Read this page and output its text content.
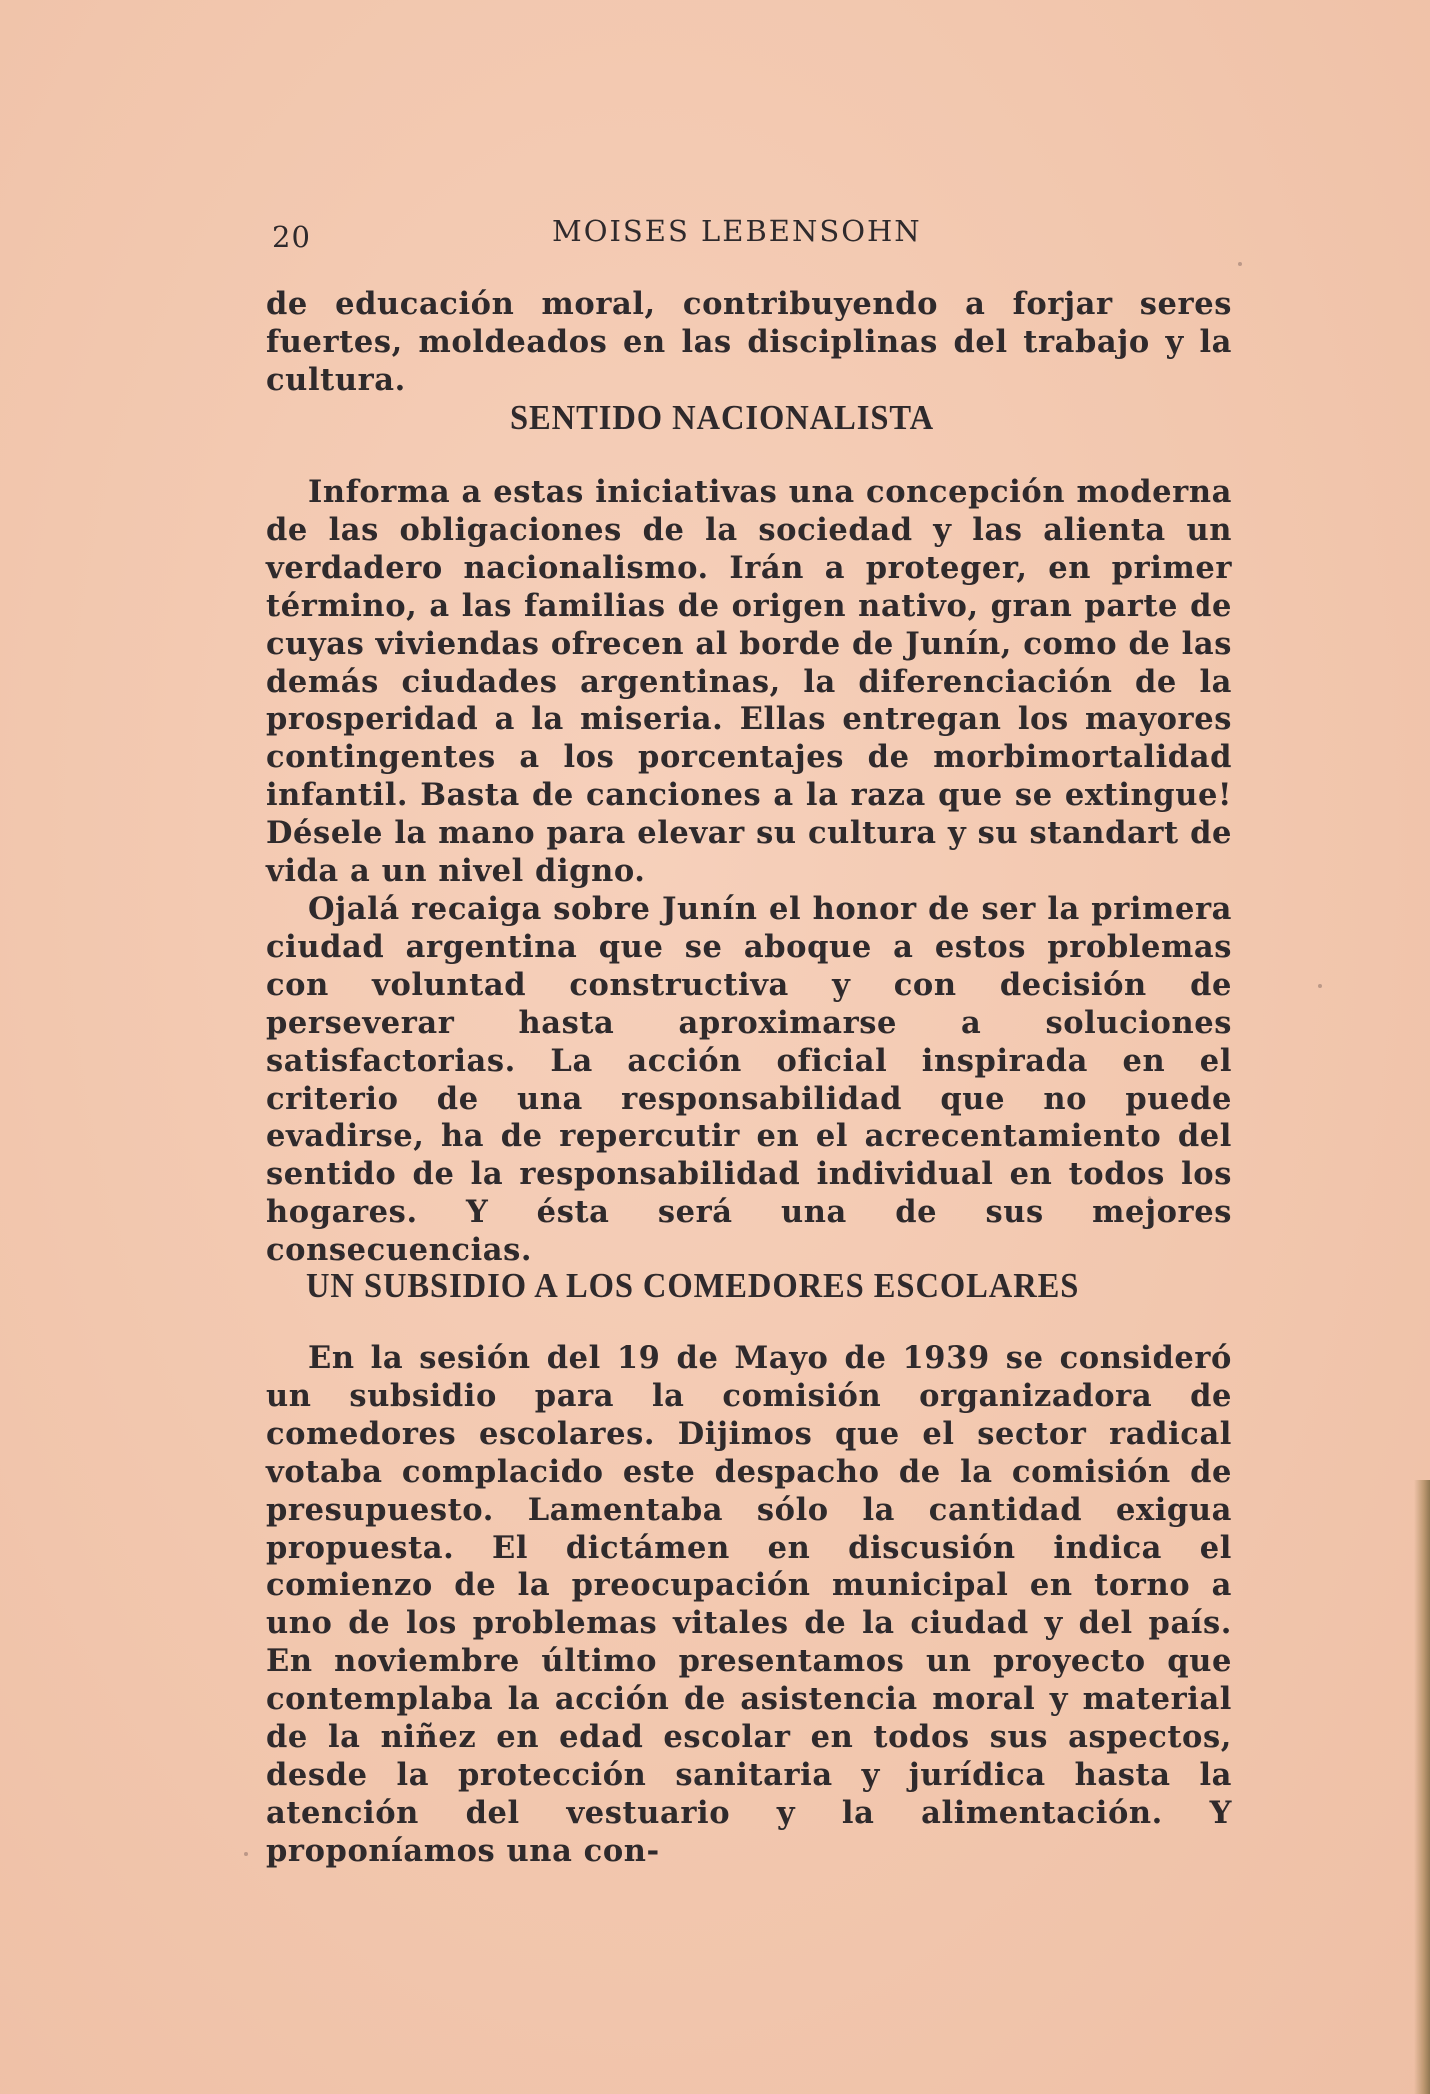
20	MOISES LEBENSOHN

de educación moral, contribuyendo a forjar seres fuertes, moldeados en las disciplinas del trabajo y la cultura.

SENTIDO NACIONALISTA

Informa a estas iniciativas una concepción moderna de las obligaciones de la sociedad y las alienta un verdadero nacionalismo. Irán a proteger, en primer término, a las familias de origen nativo, gran parte de cuyas viviendas ofrecen al borde de Junín, como de las demás ciudades argentinas, la diferenciación de la prosperidad a la miseria. Ellas entregan los mayores contingentes a los porcentajes de morbimortalidad infantil. Basta de canciones a la raza que se extingue! Désele la mano para elevar su cultura y su standart de vida a un nivel digno.

Ojalá recaiga sobre Junín el honor de ser la primera ciudad argentina que se aboque a estos problemas con voluntad constructiva y con decisión de perseverar hasta aproximarse a soluciones satisfactorias. La acción oficial inspirada en el criterio de una responsabilidad que no puede evadirse, ha de repercutir en el acrecentamiento del sentido de la responsabilidad individual en todos los hogares. Y ésta será una de sus mejores consecuencias.

UN SUBSIDIO A LOS COMEDORES ESCOLARES

En la sesión del 19 de Mayo de 1939 se consideró un subsidio para la comisión organizadora de comedores escolares. Dijimos que el sector radical votaba complacido este despacho de la comisión de presupuesto. Lamentaba sólo la cantidad exigua propuesta. El dictámen en discusión indica el comienzo de la preocupación municipal en torno a uno de los problemas vitales de la ciudad y del país. En noviembre último presentamos un proyecto que contemplaba la acción de asistencia moral y material de la niñez en edad escolar en todos sus aspectos, desde la protección sanitaria y jurídica hasta la atención del vestuario y la alimentación. Y proponíamos una con-
